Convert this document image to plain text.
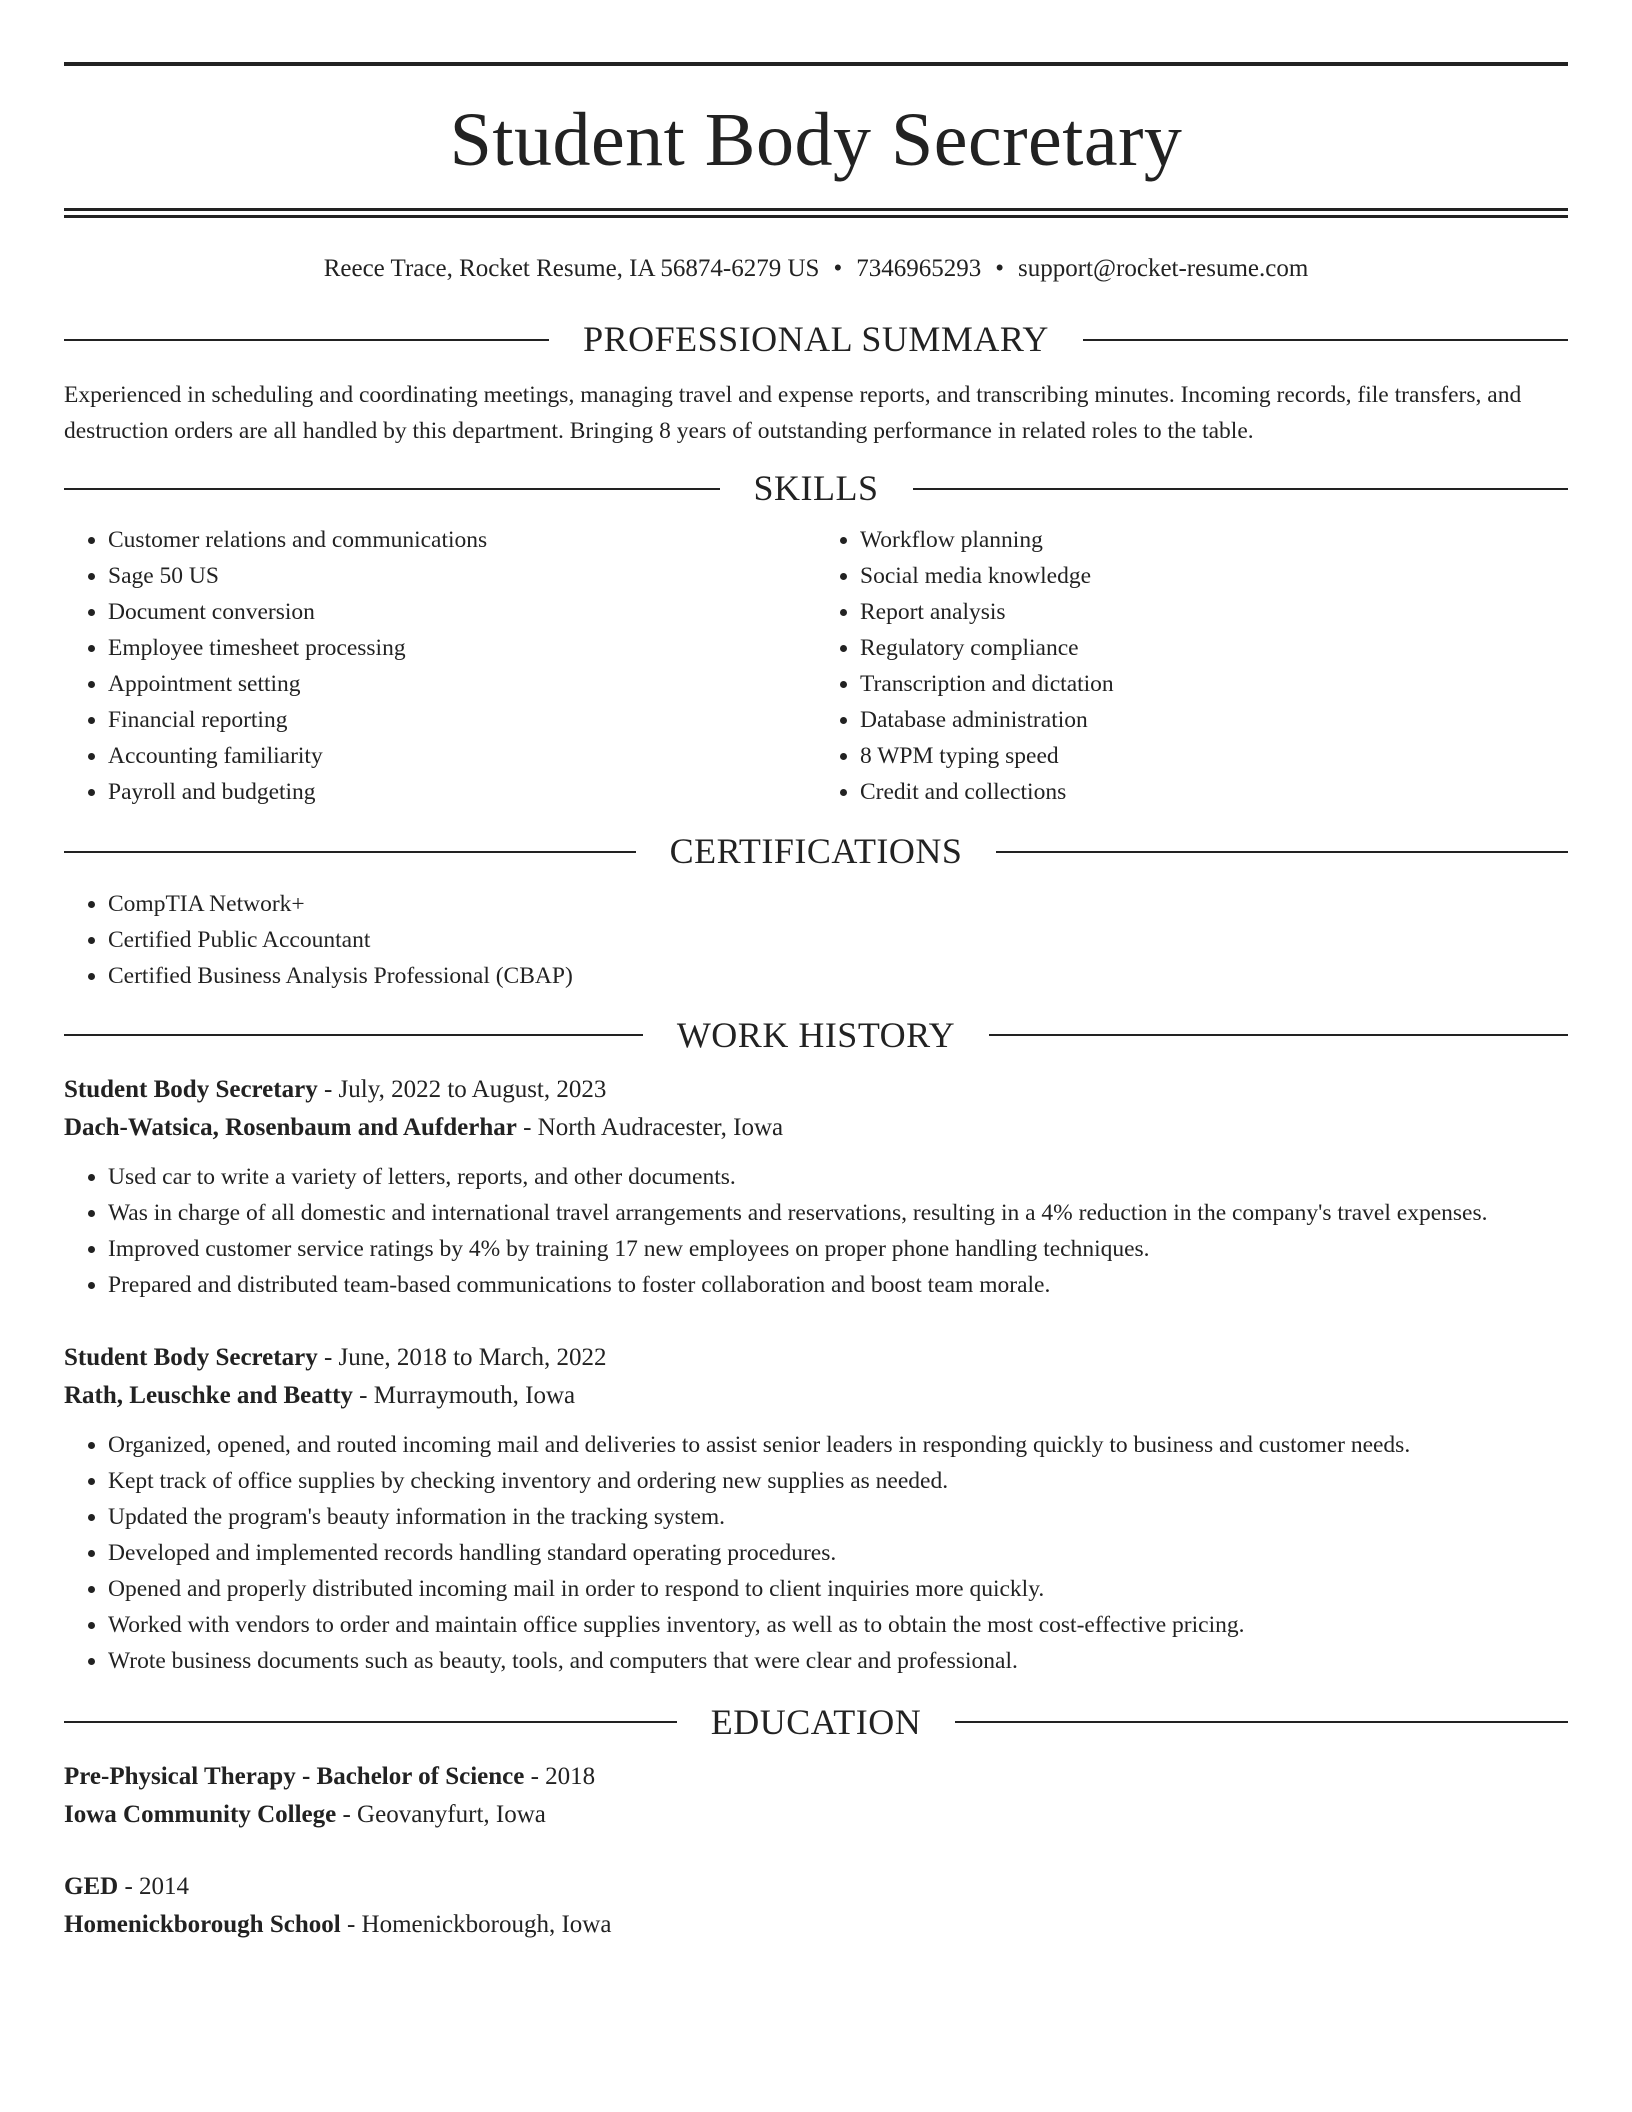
Student Body Secretary
Reece Trace, Rocket Resume, IA 56874-6279 US • 7346965293 • support@rocket-resume.com
PROFESSIONAL SUMMARY

Experienced in scheduling and coordinating meetings, managing travel and expense reports, and transcribing minutes. Incoming records, file transfers, and destruction orders are all handled by this department. Bringing 8 years of outstanding performance in related roles to the table.

SKILLS
• Customer relations and communications
• Sage 50 US
• Document conversion
• Employee timesheet processing
• Appointment setting
• Financial reporting
• Accounting familiarity
• Payroll and budgeting
• Workflow planning
• Social media knowledge
• Report analysis
• Regulatory compliance
• Transcription and dictation
• Database administration
• 8 WPM typing speed
• Credit and collections
CERTIFICATIONS
• CompTIA Network+
• Certified Public Accountant
• Certified Business Analysis Professional (CBAP)
WORK HISTORY
Student Body Secretary - July, 2022 to August, 2023
Dach-Watsica, Rosenbaum and Aufderhar - North Audracester, Iowa
• Used car to write a variety of letters, reports, and other documents.
• Was in charge of all domestic and international travel arrangements and reservations, resulting in a 4% reduction in the company's travel expenses.
• Improved customer service ratings by 4% by training 17 new employees on proper phone handling techniques.
• Prepared and distributed team-based communications to foster collaboration and boost team morale.
Student Body Secretary - June, 2018 to March, 2022
Rath, Leuschke and Beatty - Murraymouth, Iowa
• Organized, opened, and routed incoming mail and deliveries to assist senior leaders in responding quickly to business and customer needs.
• Kept track of office supplies by checking inventory and ordering new supplies as needed.
• Updated the program's beauty information in the tracking system.
• Developed and implemented records handling standard operating procedures.
• Opened and properly distributed incoming mail in order to respond to client inquiries more quickly.
• Worked with vendors to order and maintain office supplies inventory, as well as to obtain the most cost-effective pricing.
• Wrote business documents such as beauty, tools, and computers that were clear and professional.
EDUCATION
Pre-Physical Therapy - Bachelor of Science - 2018
Iowa Community College - Geovanyfurt, Iowa
GED - 2014
Homenickborough School - Homenickborough, Iowa
